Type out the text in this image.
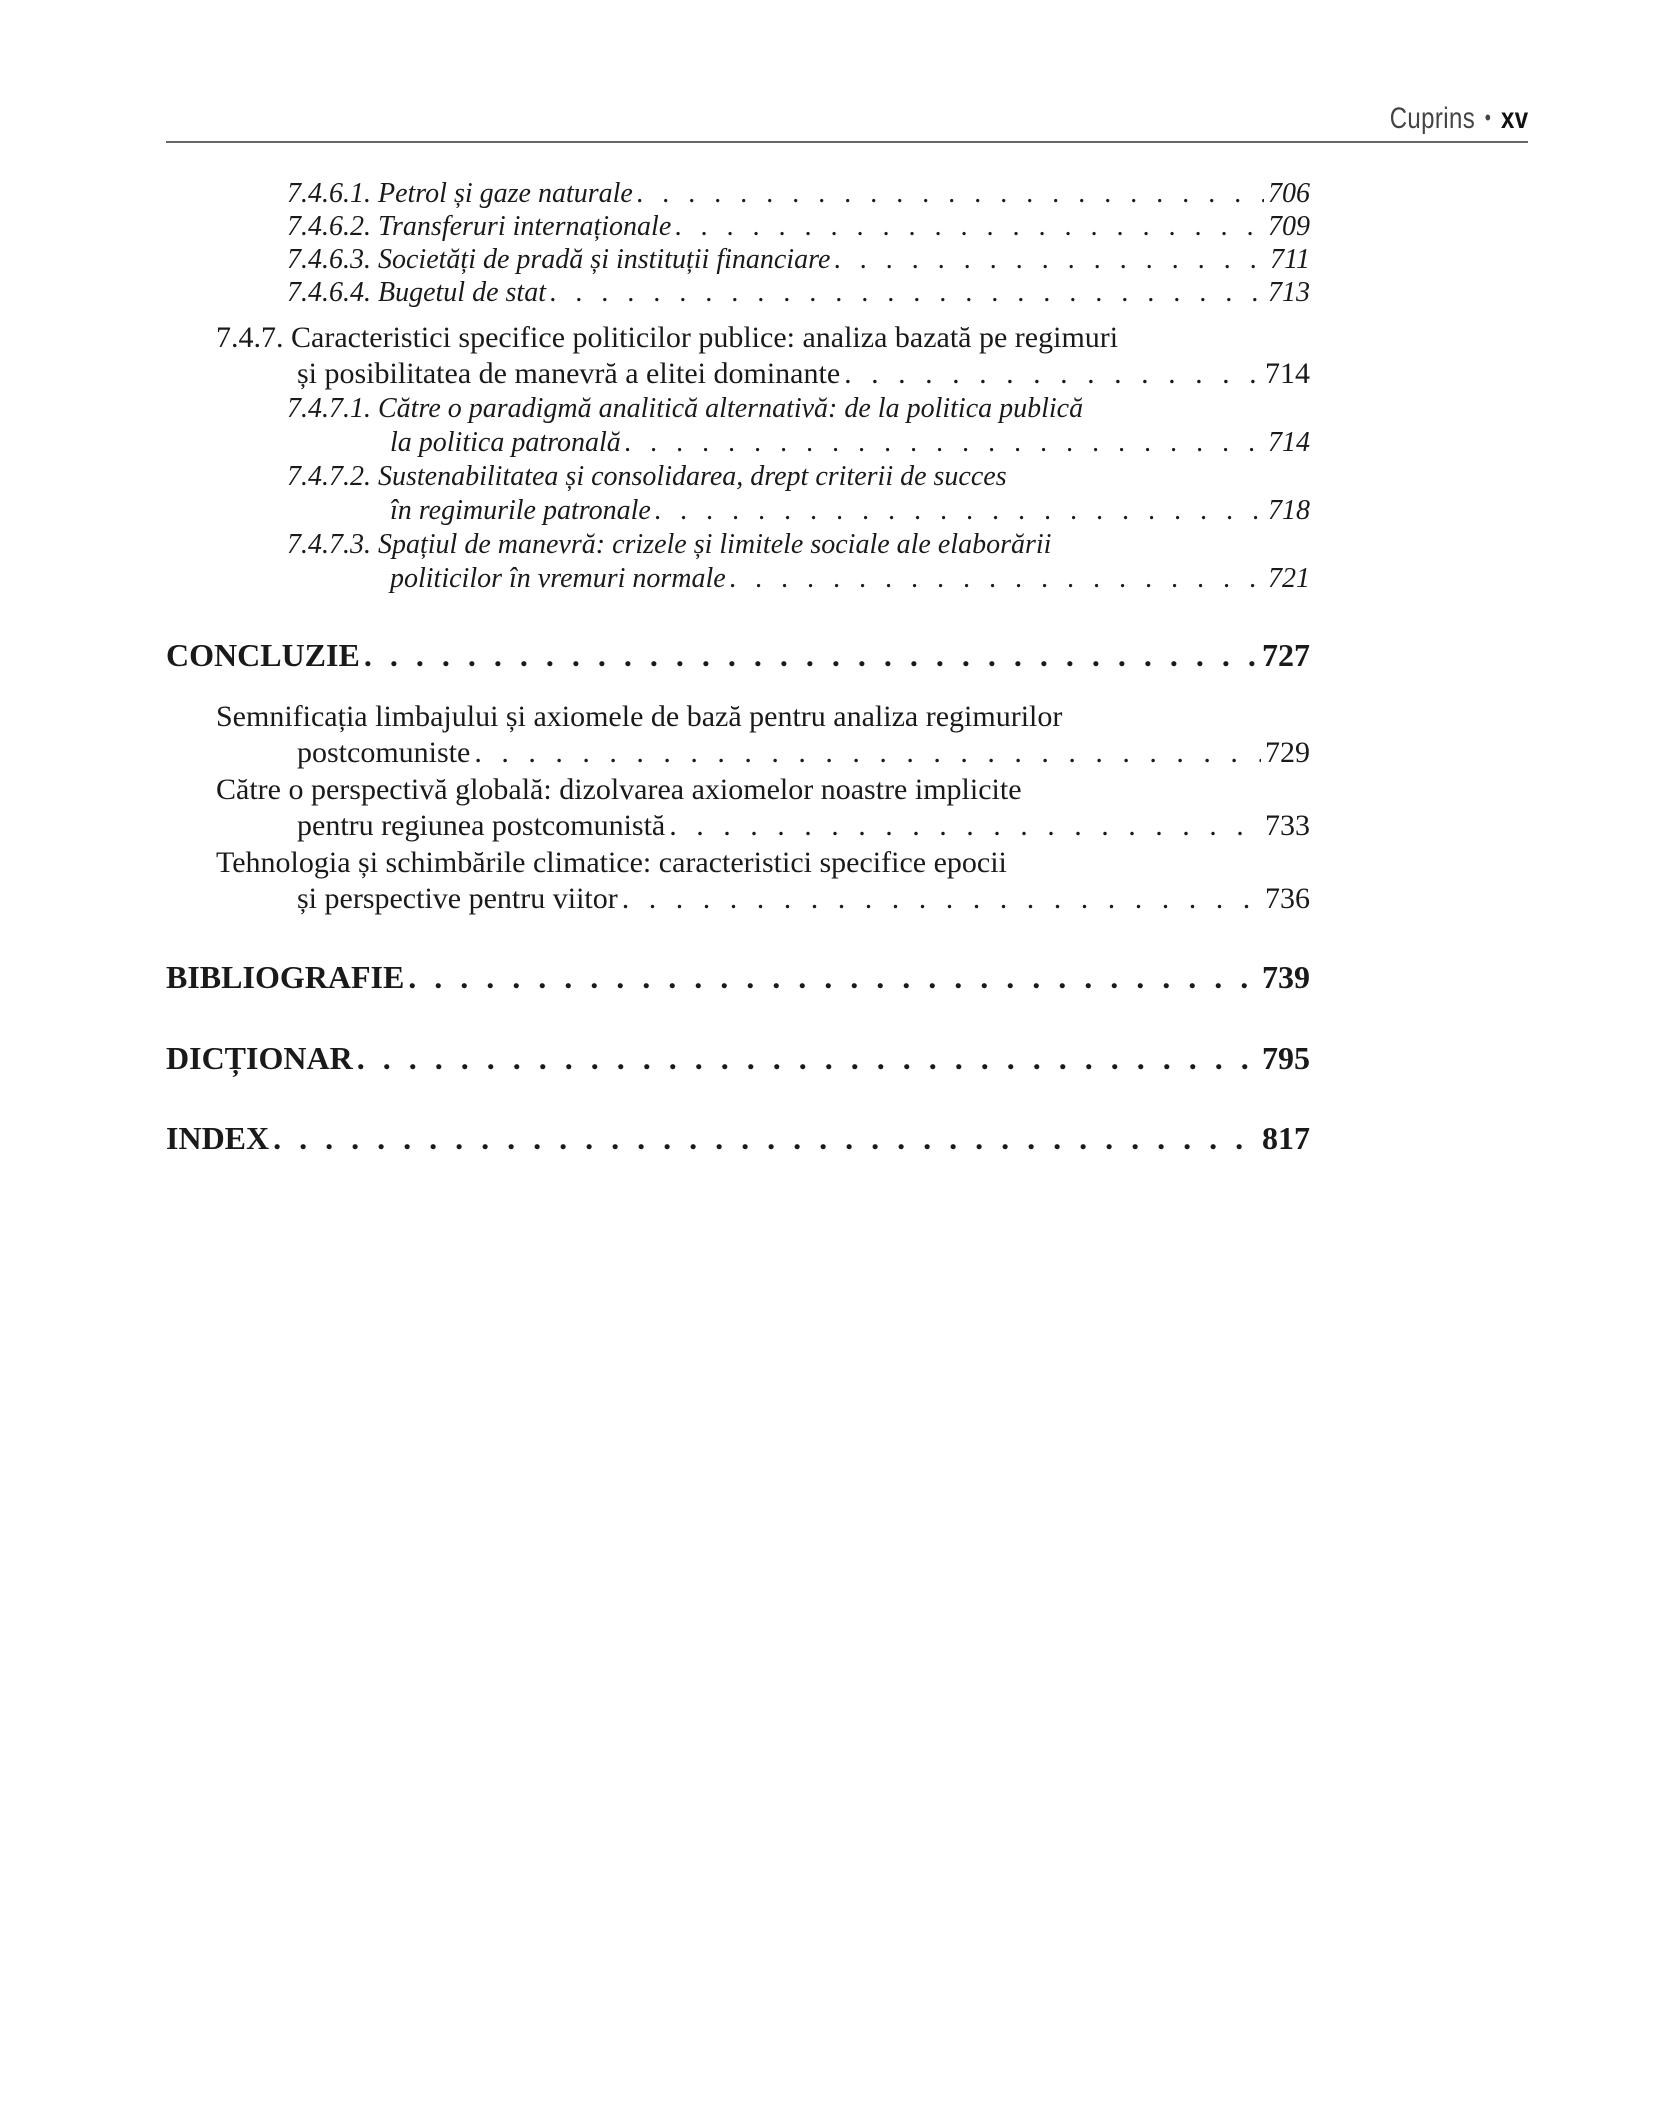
Cuprins • xv
7.4.6.1. Petrol și gaze naturale . . .	706
7.4.6.2. Transferuri internaționale . . .	709
7.4.6.3. Societăți de pradă și instituții financiare . . .	711
7.4.6.4. Bugetul de stat . . .	713
7.4.7. Caracteristici specifice politicilor publice: analiza bazată pe regimuri
și posibilitatea de manevră a elitei dominante . . .	714
7.4.7.1. Către o paradigmă analitică alternativă: de la politica publică
la politica patronală . . .	714
7.4.7.2. Sustenabilitatea și consolidarea, drept criterii de succes
în regimurile patronale . . .	718
7.4.7.3. Spațiul de manevră: crizele și limitele sociale ale elaborării
politicilor în vremuri normale . . .	721
CONCLUZIE . . .	727
Semnificația limbajului și axiomele de bază pentru analiza regimurilor
postcomuniste . . .	729
Către o perspectivă globală: dizolvarea axiomelor noastre implicite
pentru regiunea postcomunistă . . .	733
Tehnologia și schimbările climatice: caracteristici specifice epocii
și perspective pentru viitor . . .	736
BIBLIOGRAFIE . . .	739
DICȚIONAR . . .	795
INDEX . . .	817
